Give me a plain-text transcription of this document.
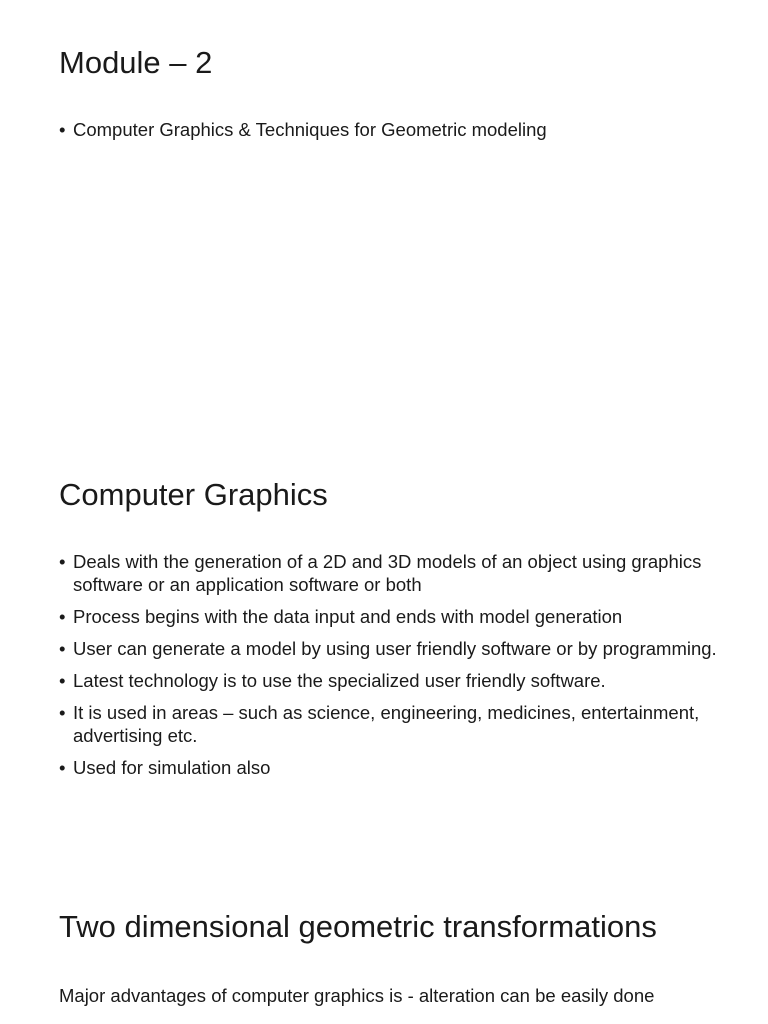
Module – 2
• Computer Graphics & Techniques for Geometric modeling
Computer Graphics
• Deals with the generation of a 2D and 3D models of an object using graphics software or an application software or both
• Process begins with the data input and ends with model generation
• User can generate a model by using user friendly software or by programming.
• Latest technology is to use the specialized user friendly software.
• It is used in areas – such as science, engineering, medicines, entertainment, advertising etc.
• Used for simulation also
Two dimensional geometric transformations

Major advantages of computer graphics is - alteration can be easily done
